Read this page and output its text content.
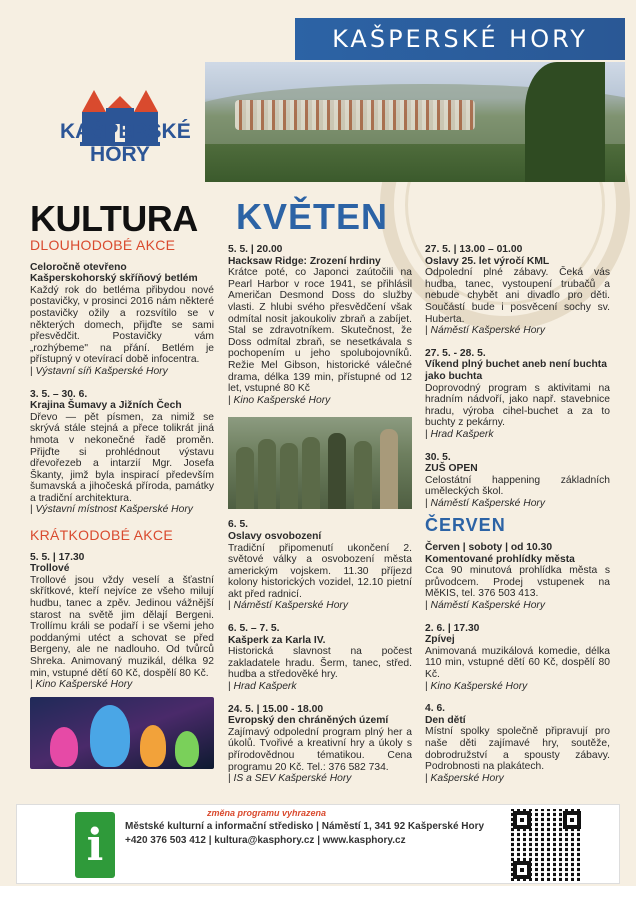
KAŠPERSKÉ HORY
KAŠPERSKÉ
HORY
KULTURA KVĚTEN
DLOUHODOBÉ AKCE
Celoročně otevřeno Kašperskohorský skříňový betlém
Každý rok do betléma přibydou nové postavičky, v prosinci 2016 nám některé postavičky ožily a rozsvítilo se v některých domech, přijďte se sami přesvědčit. Postavičky vám „rozhýbeme" na přání. Betlém je přístupný v otevírací době infocentra.
| Výstavní síň Kašperské Hory
3. 5. – 30. 6.
Krajina Šumavy a Jižních Čech
Dřevo — pět písmen, za nimiž se skrývá stále stejná a přece tolikrát jiná hmota v nekonečné řadě proměn. Přijďte si prohlédnout výstavu dřevořezeb a intarzií Mgr. Josefa Škanty, jimž byla inspirací především šumavská a jihočeská příroda, památky a tradiční architektura.
| Výstavní místnost Kašperské Hory
KRÁTKODOBÉ AKCE
5. 5. | 17.30
Trollové
Trollové jsou vždy veselí a šťastní skřítkové, kteří nejvíce ze všeho milují hudbu, tanec a zpěv. Jedinou vážnější starost na světě jim dělají Bergeni. Trollímu králi se podaří i se všemi jeho poddanými utéct a schovat se před Bergeny, ale ne nadlouho. Od tvůrců Shreka. Animovaný muzikál, délka 92 min, vstupné dětí 60 Kč, dospělí 80 Kč.
| Kino Kašperské Hory
5. 5. | 20.00
Hacksaw Ridge: Zrození hrdiny
Krátce poté, co Japonci zaútočili na Pearl Harbor v roce 1941, se přihlásil Američan Desmond Doss do služby vlasti. Z hlubi svého přesvědčení však odmítal nosit jakoukoliv zbraň a zabíjet. Stal se zdravotníkem. Skutečnost, že Doss odmítal zbraň, se nesetkávala s pochopením u jeho spolubojovníků. Režie Mel Gibson, historické válečné drama, délka 139 min, přístupné od 12 let, vstupné 80 Kč
| Kino Kašperské Hory
6. 5.
Oslavy osvobození
Tradiční připomenutí ukončení 2. světové války a osvobození města americkým vojskem. 11.30 příjezd kolony historických vozidel, 12.10 pietní akt před radnicí.
| Náměstí Kašperské Hory
6. 5. – 7. 5.
Kašperk za Karla IV.
Historická slavnost na počest zakladatele hradu. Šerm, tanec, střed. hudba a středověké hry.
| Hrad Kašperk
24. 5. | 15.00 - 18.00
Evropský den chráněných území
Zajímavý odpolední program plný her a úkolů. Tvořivé a kreativní hry a úkoly s přírodovědnou tématikou. Cena programu 20 Kč. Tel.: 376 582 734.
| IS a SEV Kašperské Hory
27. 5. | 13.00 – 01.00
Oslavy 25. let výročí KML
Odpolední plné zábavy. Čeká vás hudba, tanec, vystoupení trubačů a nebude chybět ani divadlo pro děti. Součástí bude i posvěcení sochy sv. Huberta.
| Náměstí Kašperské Hory
27. 5. - 28. 5.
Víkend plný buchet aneb není buchta jako buchta
Doprovodný program s aktivitami na hradním nádvoří, jako např. stavebnice hradu, výroba cihel-buchet a za to buchty z pekárny.
| Hrad Kašperk
30. 5.
ZUŠ OPEN
Celostátní happening základních uměleckých škol.
| Náměstí Kašperské Hory
ČERVEN
Červen | soboty | od 10.30
Komentované prohlídky města
Cca 90 minutová prohlídka města s průvodcem. Prodej vstupenek na MěKIS, tel. 376 503 413.
| Náměstí Kašperské Hory
2. 6. | 17.30
Zpívej
Animovaná muzikálová komedie, délka 110 min, vstupné dětí 60 Kč, dospělí 80 Kč.
| Kino Kašperské Hory
4. 6.
Den dětí
Místní spolky společně připravují pro naše děti zajímavé hry, soutěže, dobrodružství a spousty zábavy. Podrobnosti na plakátech.
| Kašperské Hory
změna programu vyhrazena
i	Městské kulturní a informační středisko | Náměstí 1, 341 92 Kašperské Hory
+420 376 503 412 | kultura@kasphory.cz | www.kasphory.cz
